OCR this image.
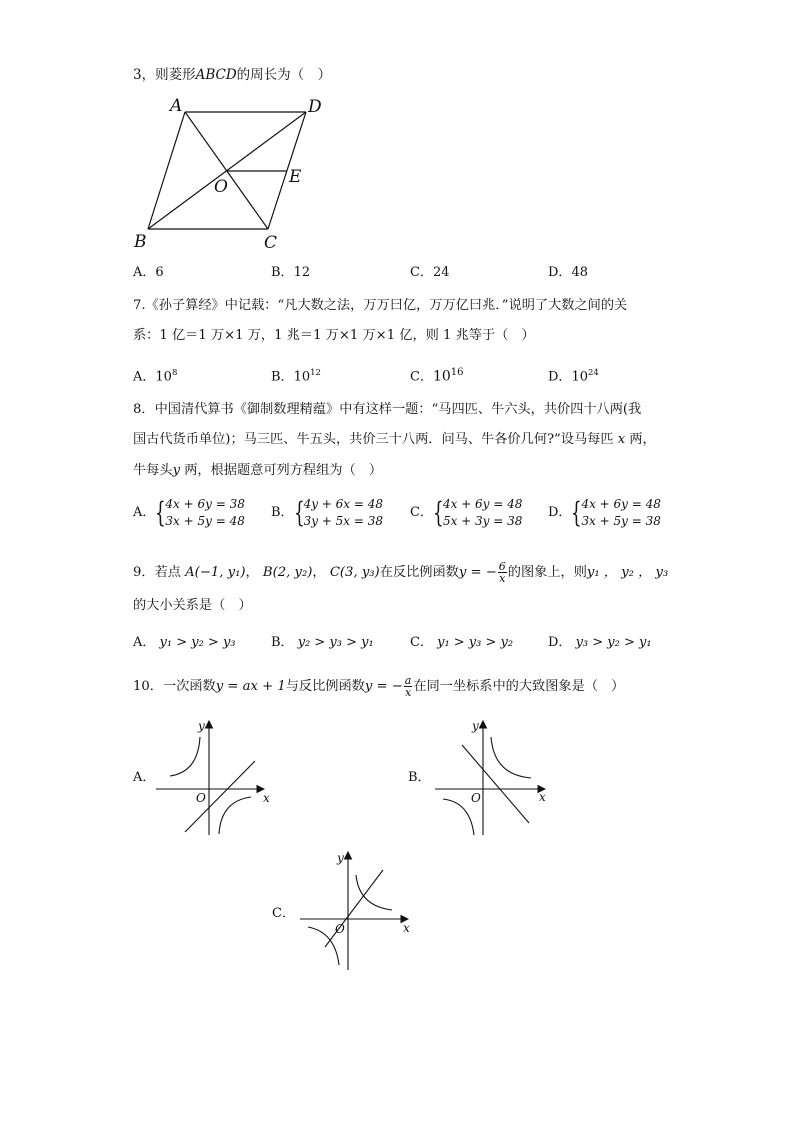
3，则菱形ABCD的周长为（　）
A	D
E
O
B	C
A．6	B．12	C．24	D．48
7.《孙子算经》中记载：“凡大数之法，万万曰亿，万万亿曰兆．”说明了大数之间的关
系：1 亿＝1 万×1 万，1 兆＝1 万×1 万×1 亿，则 1 兆等于（　）
A．$10^8$	B．$10^{12}$	C．$10^{16}$	D．$10^{24}$
8．中国清代算书《御制数理精蕴》中有这样一题：“马四匹、牛六头，共价四十八两(我
国古代货币单位)；马三匹、牛五头，共价三十八两．问马、牛各价几何?”设马每匹 x 两，
牛每头y 两，根据题意可列方程组为（　）
A． { 4x + 6y = 38
3x + 5y = 48
B． { 4y + 6x = 48
3y + 5x = 38
C． { 4x + 6y = 48
5x + 3y = 38
D． { 4x + 6y = 48
3x + 5y = 38
9．若点 A(−1, y₁)， B(2, y₂)， C(3, y₃)在反比例函数y = − $\frac{6}{x}$ 的图象上，则y₁ ， y₂ ， y₃
的大小关系是（　）
A． y₁ > y₂ > y₃	B． y₂ > y₃ > y₁	C． y₁ > y₃ > y₂	D． y₃ > y₂ > y₁
10．一次函数y = ax + 1与反比例函数y = − $\frac{a}{x}$ 在同一坐标系中的大致图象是（　）
A．
y
x
O
B．
y
x
O
C．
y
x
O
